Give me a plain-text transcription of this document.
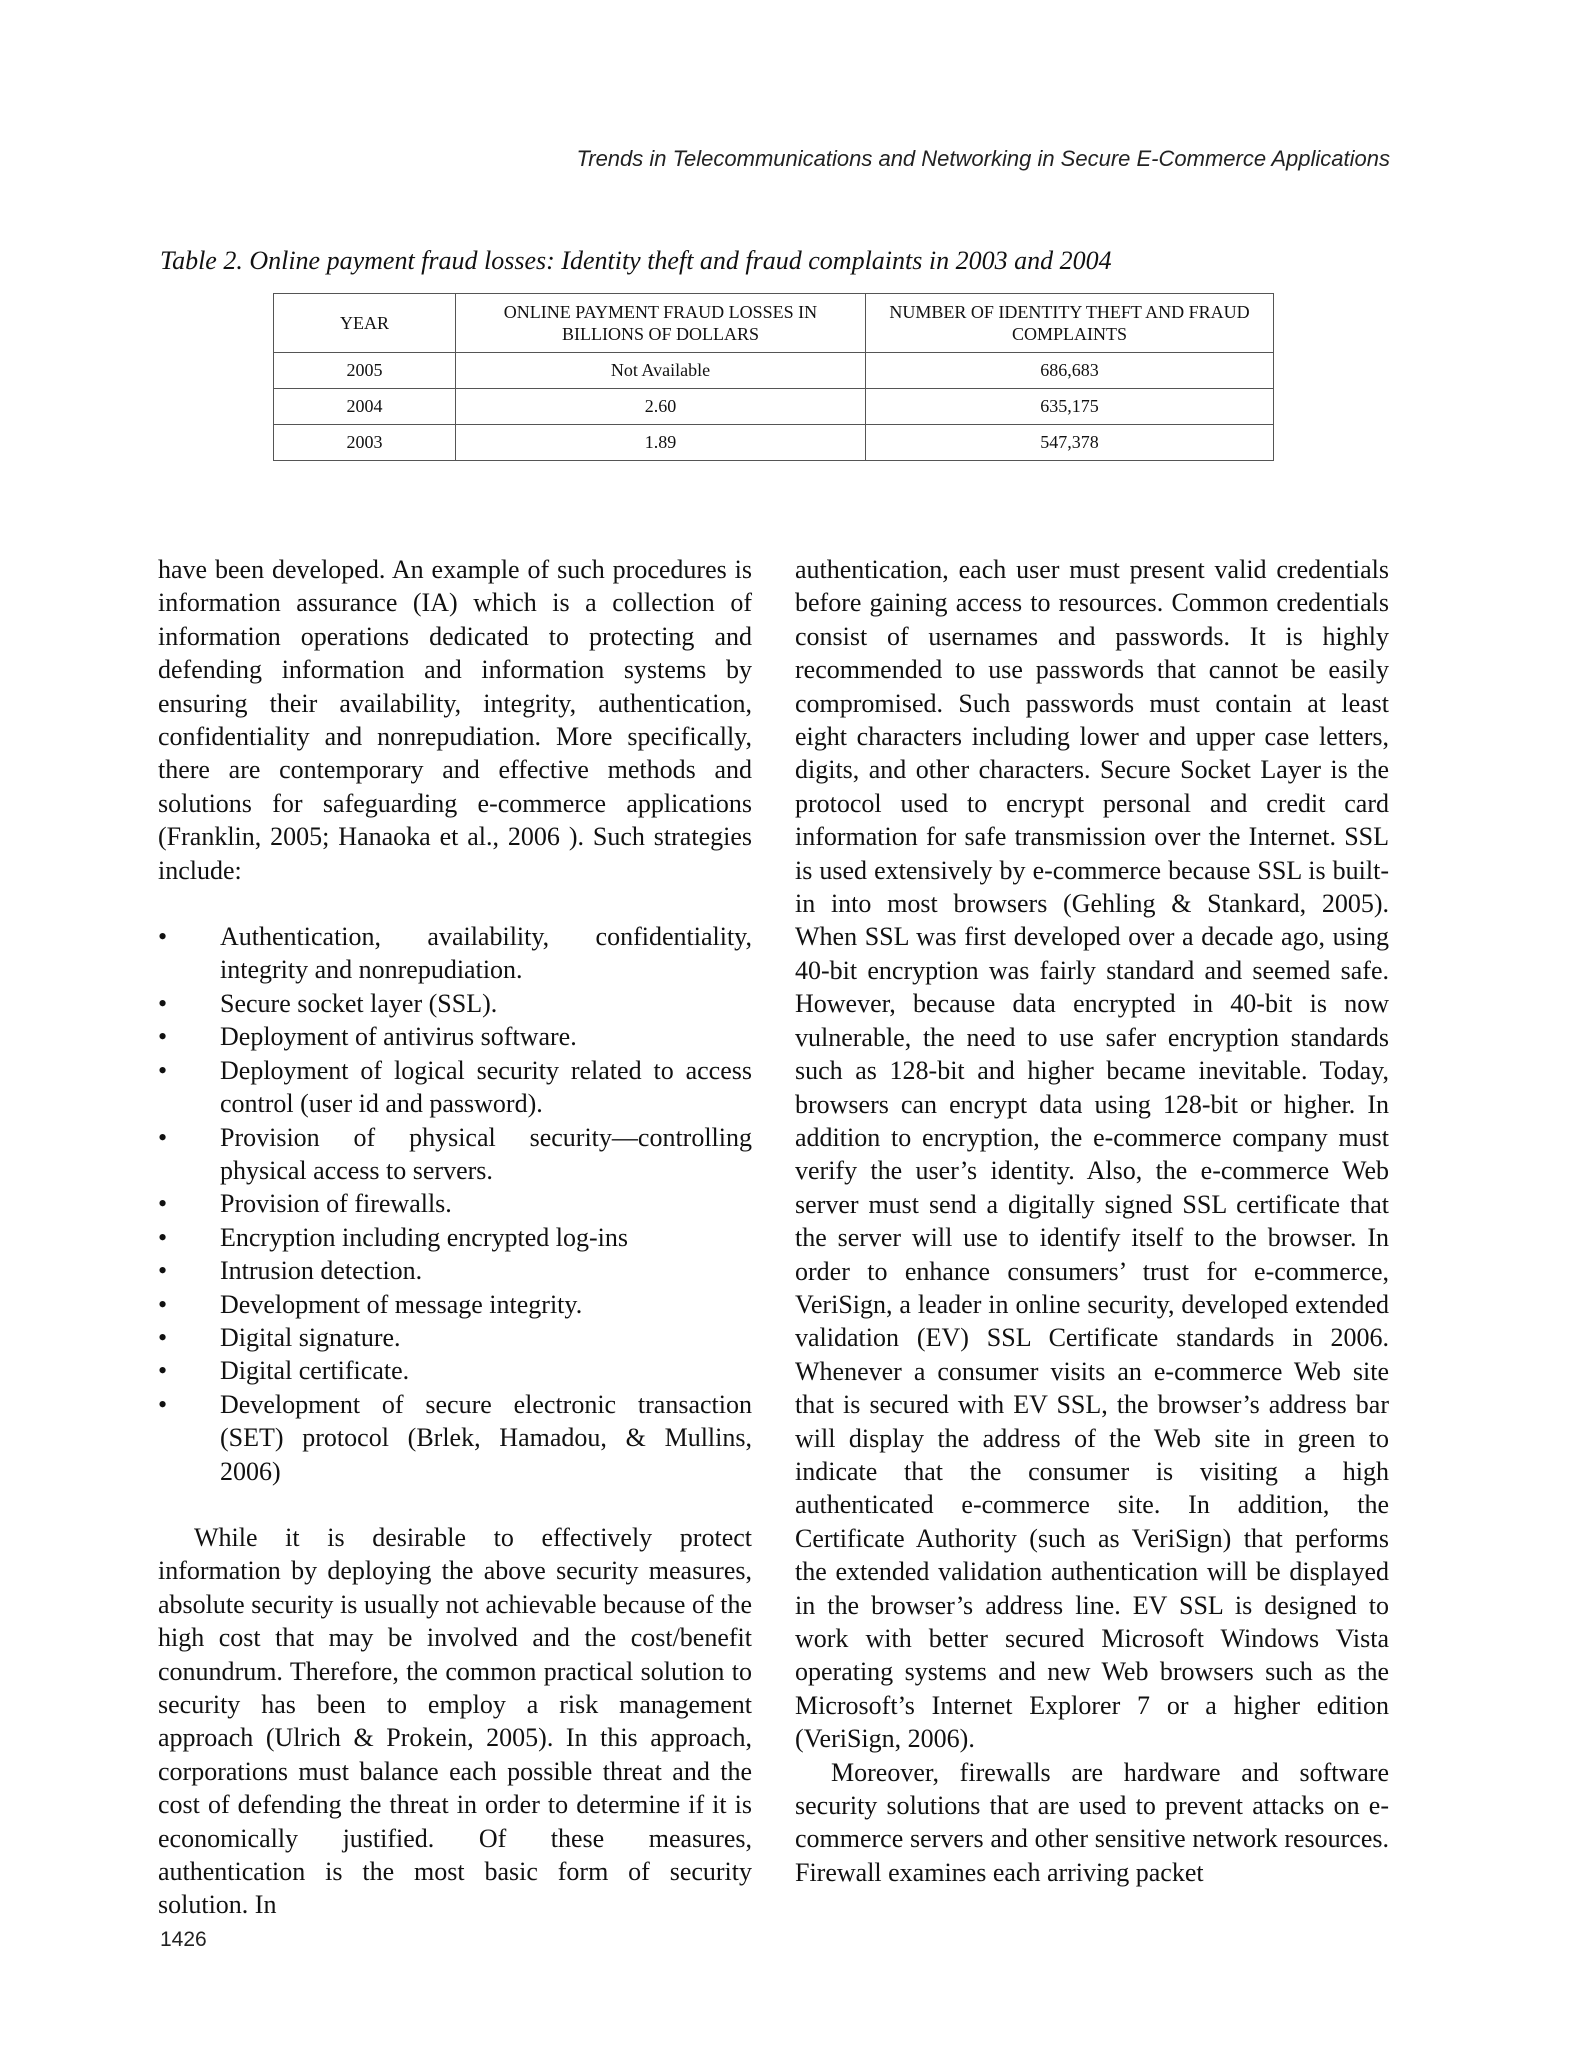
Trends in Telecommunications and Networking in Secure E-Commerce Applications
Table 2. Online payment fraud losses: Identity theft and fraud complaints in 2003 and 2004
YEAR	ONLINE PAYMENT FRAUD LOSSES IN BILLIONS OF DOLLARS	NUMBER OF IDENTITY THEFT AND FRAUD COMPLAINTS
2005	Not Available	686,683
2004	2.60	635,175
2003	1.89	547,378

have been developed. An example of such procedures is information assurance (IA) which is a collection of information operations dedicated to protecting and defending information and information systems by ensuring their availability, integrity, authentication, confidentiality and nonrepudiation. More specifically, there are contemporary and effective methods and solutions for safeguarding e-commerce applications (Franklin, 2005; Hanaoka et al., 2006 ). Such strategies include:

• Authentication, availability, confidentiality, integrity and nonrepudiation.
• Secure socket layer (SSL).
• Deployment of antivirus software.
• Deployment of logical security related to access control (user id and password).
• Provision of physical security—controlling physical access to servers.
• Provision of firewalls.
• Encryption including encrypted log-ins
• Intrusion detection.
• Development of message integrity.
• Digital signature.
• Digital certificate.
• Development of secure electronic transaction (SET) protocol (Brlek, Hamadou, & Mullins, 2006)

While it is desirable to effectively protect information by deploying the above security measures, absolute security is usually not achievable because of the high cost that may be involved and the cost/benefit conundrum. Therefore, the common practical solution to security has been to employ a risk management approach (Ulrich & Prokein, 2005). In this approach, corporations must balance each possible threat and the cost of defending the threat in order to determine if it is economically justified. Of these measures, authentication is the most basic form of security solution. In

authentication, each user must present valid credentials before gaining access to resources. Common credentials consist of usernames and passwords. It is highly recommended to use passwords that cannot be easily compromised. Such passwords must contain at least eight characters including lower and upper case letters, digits, and other characters. Secure Socket Layer is the protocol used to encrypt personal and credit card information for safe transmission over the Internet. SSL is used extensively by e-commerce because SSL is built-in into most browsers (Gehling & Stankard, 2005). When SSL was first developed over a decade ago, using 40-bit encryption was fairly standard and seemed safe. However, because data encrypted in 40-bit is now vulnerable, the need to use safer encryption standards such as 128-bit and higher became inevitable. Today, browsers can encrypt data using 128-bit or higher. In addition to encryption, the e-commerce company must verify the user’s identity. Also, the e-commerce Web server must send a digitally signed SSL certificate that the server will use to identify itself to the browser. In order to enhance consumers’ trust for e-commerce, VeriSign, a leader in online security, developed extended validation (EV) SSL Certificate standards in 2006. Whenever a consumer visits an e-commerce Web site that is secured with EV SSL, the browser’s address bar will display the address of the Web site in green to indicate that the consumer is visiting a high authenticated e-commerce site. In addition, the Certificate Authority (such as VeriSign) that performs the extended validation authentication will be displayed in the browser’s address line. EV SSL is designed to work with better secured Microsoft Windows Vista operating systems and new Web browsers such as the Microsoft’s Internet Explorer 7 or a higher edition (VeriSign, 2006).

Moreover, firewalls are hardware and software security solutions that are used to prevent attacks on e-commerce servers and other sensitive network resources. Firewall examines each arriving packet

1426
